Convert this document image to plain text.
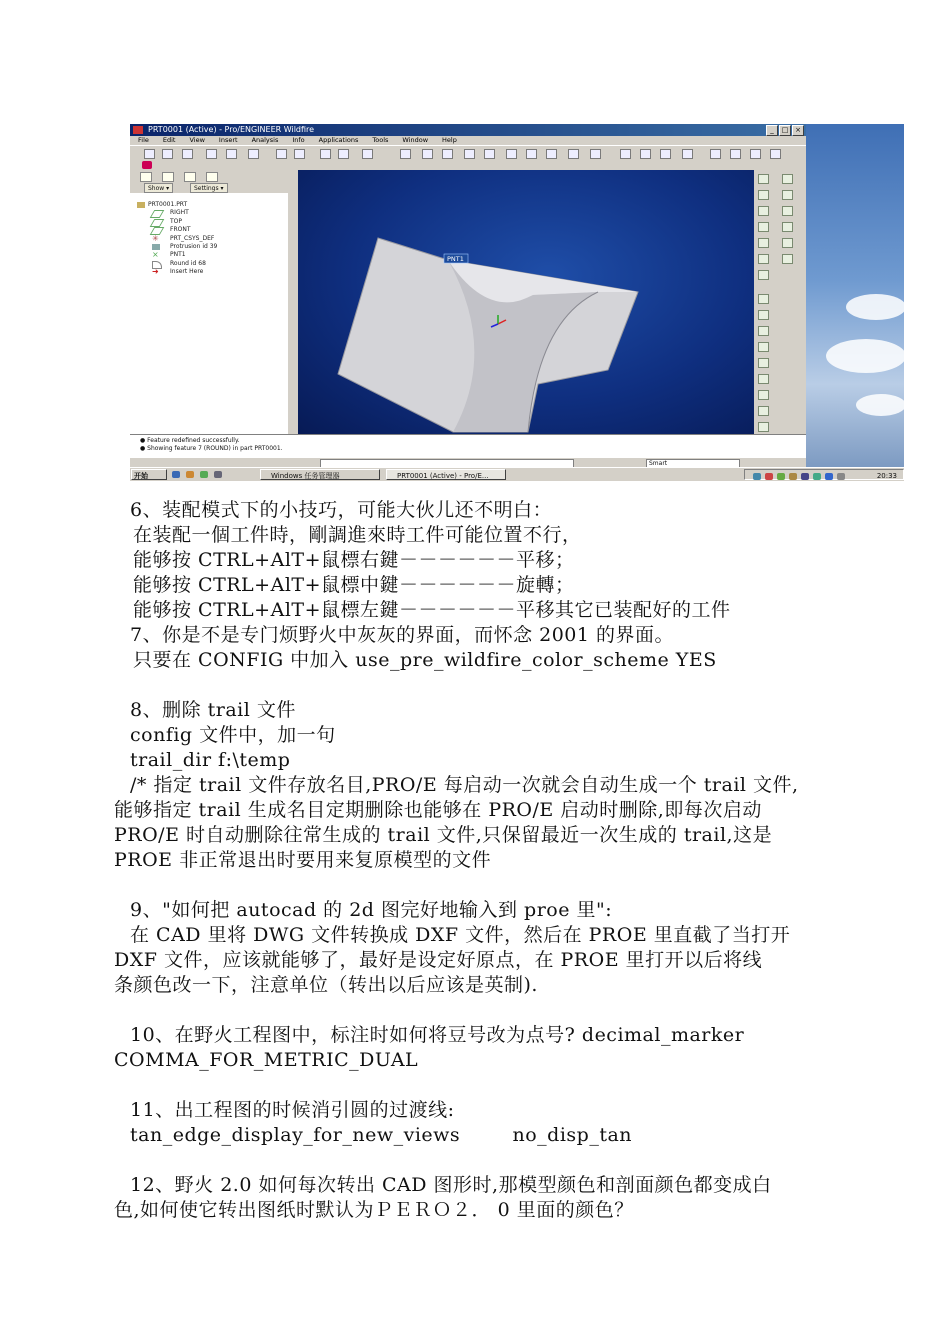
PRT0001 (Active) - Pro/ENGINEER Wildfire	_	□ ×
File Edit View Insert Analysis Info Applications Tools Window Help
Show ▾	Settings ▾
PRT0001.PRT
RIGHT
TOP
FRONT
✳ PRT_CSYS_DEF
Protrusion id 39
× PNT1
Round id 68
➜ Insert Here
PNT1
● Feature redefined successfully.
● Showing feature 7 (ROUND) in part PRT0001.
Smart
开始	Windows 任务管理器	PRT0001 (Active) - Pro/E...	20:33
6、装配模式下的小技巧，可能大伙儿还不明白：
在装配一個工件時，剛調進來時工件可能位置不行，
能够按 CTRL+AlT+鼠標右鍵－－－－－－平移；
能够按 CTRL+AlT+鼠標中鍵－－－－－－旋轉；
能够按 CTRL+AlT+鼠標左鍵－－－－－－平移其它已装配好的工件
7、你是不是专门烦野火中灰灰的界面，而怀念 2001 的界面。
只要在 CONFIG 中加入 use_pre_wildfire_color_scheme YES
8、删除 trail 文件
config 文件中，加一句
trail_dir f:\temp
/* 指定 trail 文件存放名目,PRO/E 每启动一次就会自动生成一个 trail 文件,
能够指定 trail 生成名目定期删除也能够在 PRO/E 启动时删除,即每次启动
PRO/E 时自动删除往常生成的 trail 文件,只保留最近一次生成的 trail,这是
PROE 非正常退出时要用来复原模型的文件
9、"如何把 autocad 的 2d 图完好地输入到 proe 里":
在 CAD 里将 DWG 文件转换成 DXF 文件，然后在 PROE 里直截了当打开
DXF 文件，应该就能够了，最好是设定好原点，在 PROE 里打开以后将线
条颜色改一下，注意单位（转出以后应该是英制).
10、在野火工程图中，标注时如何将豆号改为点号? decimal_marker
COMMA_FOR_METRIC_DUAL
11、出工程图的时候消引圆的过渡线:
tan_edge_display_for_new_views        no_disp_tan
12、野火 2.0 如何每次转出 CAD 图形时,那模型颜色和剖面颜色都变成白
色,如何使它转出图纸时默认为ＰＥＲＯ２． 0 里面的颜色？
